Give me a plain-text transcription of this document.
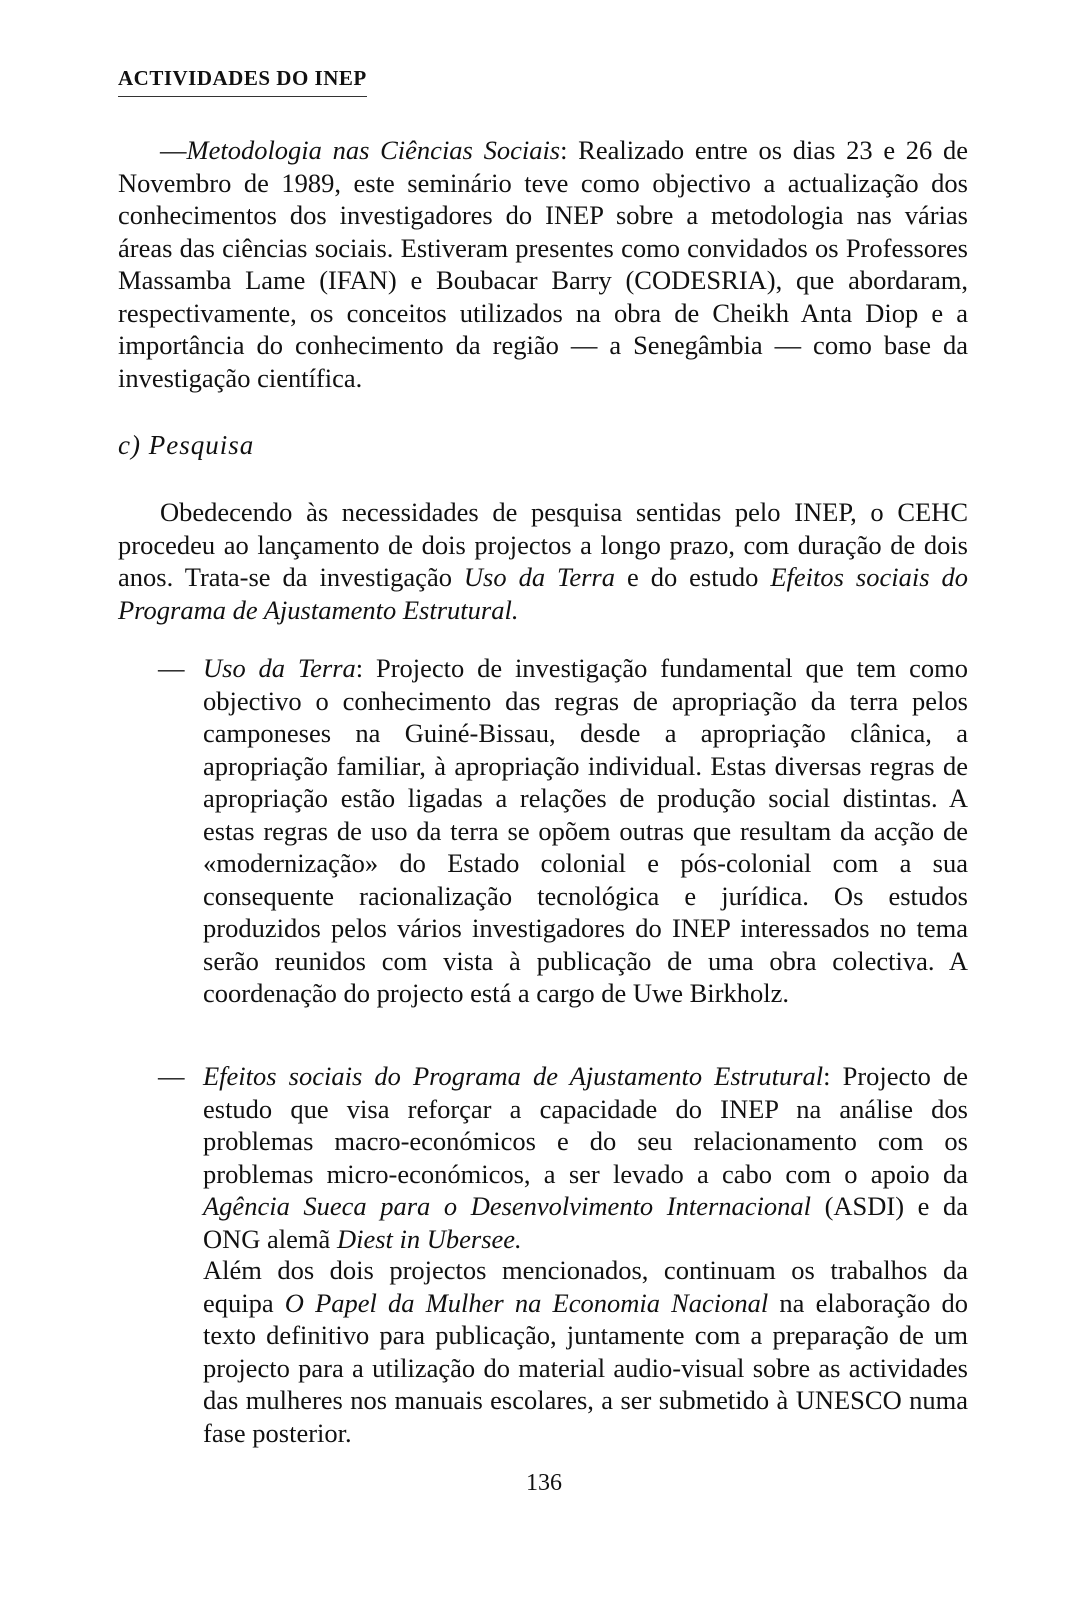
ACTIVIDADES DO INEP

—Metodologia nas Ciências Sociais: Realizado entre os dias 23 e 26 de Novembro de 1989, este seminário teve como objectivo a actualização dos conhecimentos dos investigadores do INEP sobre a metodologia nas várias áreas das ciências sociais. Estiveram presentes como convidados os Professores Massamba Lame (IFAN) e Boubacar Barry (CODESRIA), que abordaram, respectivamente, os conceitos utilizados na obra de Cheikh Anta Diop e a importância do conhecimento da região — a Senegâmbia — como base da investigação científica.

c) Pesquisa

Obedecendo às necessidades de pesquisa sentidas pelo INEP, o CEHC procedeu ao lançamento de dois projectos a longo prazo, com duração de dois anos. Trata-se da investigação Uso da Terra e do estudo Efeitos sociais do Programa de Ajustamento Estrutural.

— Uso da Terra: Projecto de investigação fundamental que tem como objectivo o conhecimento das regras de apropriação da terra pelos camponeses na Guiné-Bissau, desde a apropriação clânica, a apropriação familiar, à apropriação individual. Estas diversas regras de apropriação estão ligadas a relações de produção social distintas. A estas regras de uso da terra se opõem outras que resultam da acção de «modernização» do Estado colonial e pós-colonial com a sua consequente racionalização tecnológica e jurídica. Os estudos produzidos pelos vários investigadores do INEP interessados no tema serão reunidos com vista à publicação de uma obra colectiva. A coordenação do projecto está a cargo de Uwe Birkholz.

— Efeitos sociais do Programa de Ajustamento Estrutural: Projecto de estudo que visa reforçar a capacidade do INEP na análise dos problemas macro-económicos e do seu relacionamento com os problemas micro-económicos, a ser levado a cabo com o apoio da Agência Sueca para o Desenvolvimento Internacional (ASDI) e da ONG alemã Diest in Ubersee.

Além dos dois projectos mencionados, continuam os trabalhos da equipa O Papel da Mulher na Economia Nacional na elaboração do texto definitivo para publicação, juntamente com a preparação de um projecto para a utilização do material audio-visual sobre as actividades das mulheres nos manuais escolares, a ser submetido à UNESCO numa fase posterior.

136
